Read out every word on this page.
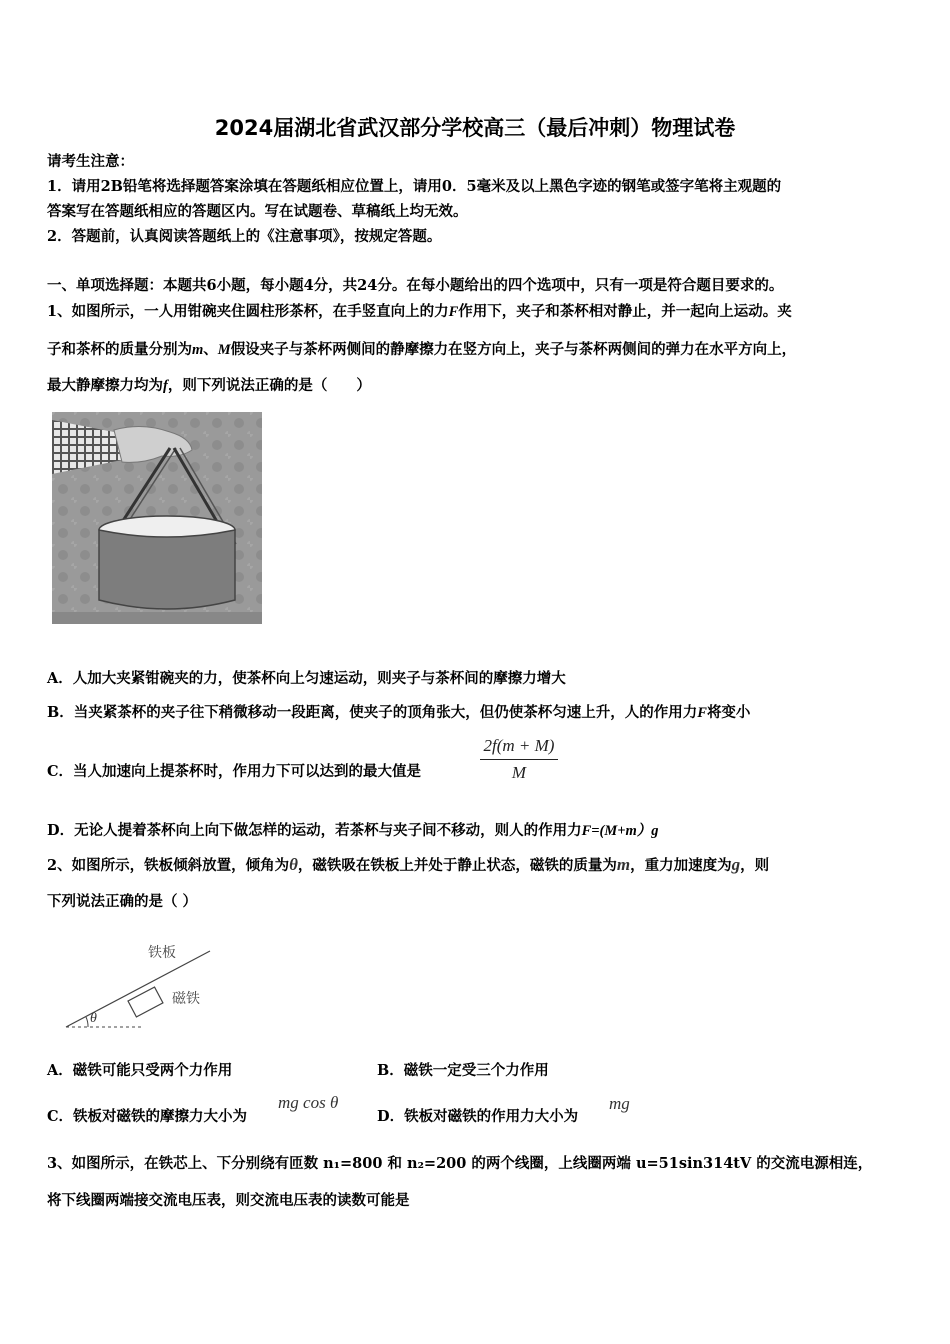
2024届湖北省武汉部分学校高三（最后冲刺）物理试卷
请考生注意：
1．请用2B铅笔将选择题答案涂填在答题纸相应位置上，请用0．5毫米及以上黑色字迹的钢笔或签字笔将主观题的
答案写在答题纸相应的答题区内。写在试题卷、草稿纸上均无效。
2．答题前，认真阅读答题纸上的《注意事项》，按规定答题。
一、单项选择题：本题共6小题，每小题4分，共24分。在每小题给出的四个选项中，只有一项是符合题目要求的。
1、如图所示，一人用钳碗夹住圆柱形茶杯，在手竖直向上的力F作用下，夹子和茶杯相对静止，并一起向上运动。夹
子和茶杯的质量分别为m、M假设夹子与茶杯两侧间的静摩擦力在竖方向上，夹子与茶杯两侧间的弹力在水平方向上，
最大静摩擦力均为f，则下列说法正确的是（　　）
A．人加大夹紧钳碗夹的力，使茶杯向上匀速运动，则夹子与茶杯间的摩擦力增大
B．当夹紧茶杯的夹子往下稍微移动一段距离，使夹子的顶角张大，但仍使茶杯匀速上升，人的作用力F将变小
C．当人加速向上提茶杯时，作用力下可以达到的最大值是
2f(m + M)
M
D．无论人提着茶杯向上向下做怎样的运动，若茶杯与夹子间不移动，则人的作用力F=(M+m）g
2、如图所示，铁板倾斜放置，倾角为θ，磁铁吸在铁板上并处于静止状态，磁铁的质量为m，重力加速度为g，则
下列说法正确的是（ ）
铁板
磁铁
θ
A．磁铁可能只受两个力作用	B．磁铁一定受三个力作用
C．铁板对磁铁的摩擦力大小为
mg cos θ
D．铁板对磁铁的作用力大小为
mg
3、如图所示，在铁芯上、下分别绕有匝数 n₁=800 和 n₂=200 的两个线圈，上线圈两端 u=51sin314tV 的交流电源相连，
将下线圈两端接交流电压表，则交流电压表的读数可能是
